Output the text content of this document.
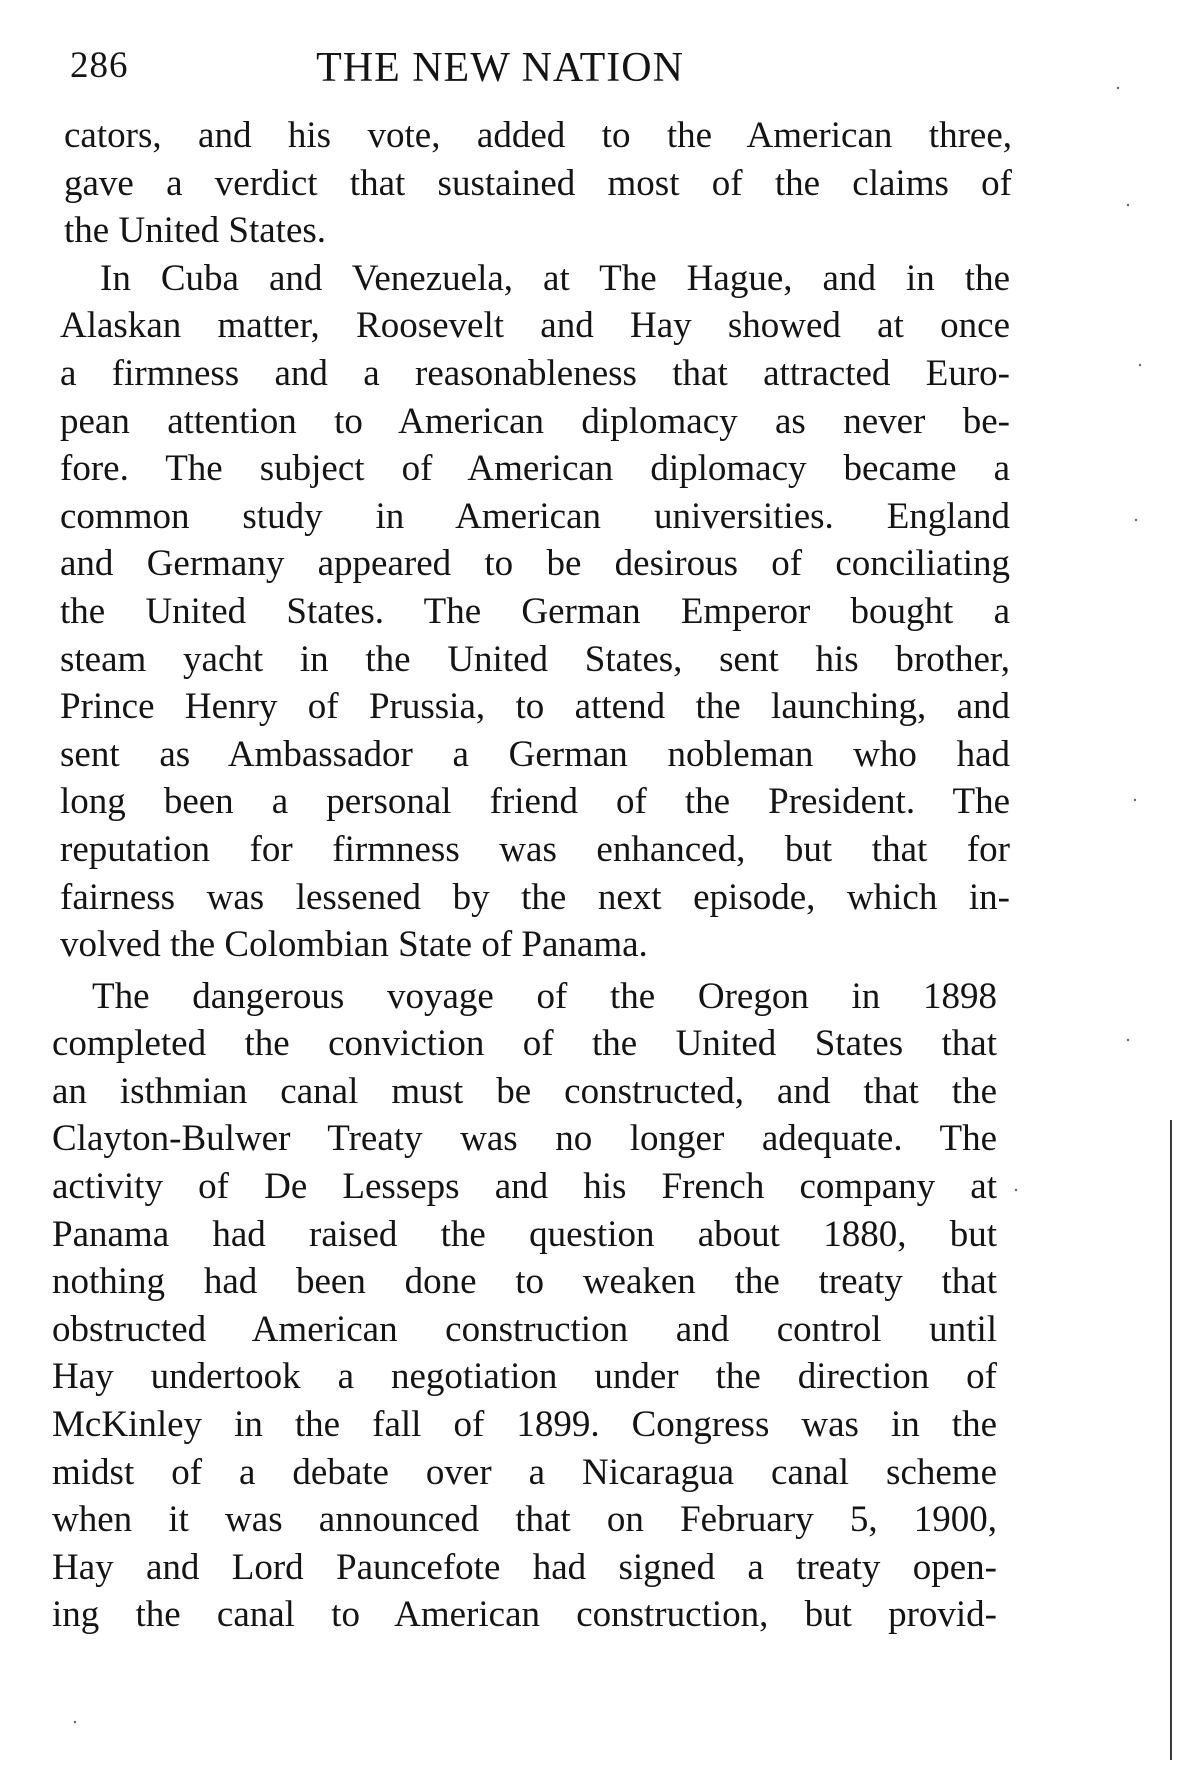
286	THE NEW NATION
cators, and his vote, added to the American three,
gave a verdict that sustained most of the claims of
the United States.
In Cuba and Venezuela, at The Hague, and in the
Alaskan matter, Roosevelt and Hay showed at once
a firmness and a reasonableness that attracted Euro-
pean attention to American diplomacy as never be-
fore. The subject of American diplomacy became a
common study in American universities. England
and Germany appeared to be desirous of conciliating
the United States. The German Emperor bought a
steam yacht in the United States, sent his brother,
Prince Henry of Prussia, to attend the launching, and
sent as Ambassador a German nobleman who had
long been a personal friend of the President. The
reputation for firmness was enhanced, but that for
fairness was lessened by the next episode, which in-
volved the Colombian State of Panama.
The dangerous voyage of the Oregon in 1898
completed the conviction of the United States that
an isthmian canal must be constructed, and that the
Clayton-Bulwer Treaty was no longer adequate. The
activity of De Lesseps and his French company at
Panama had raised the question about 1880, but
nothing had been done to weaken the treaty that
obstructed American construction and control until
Hay undertook a negotiation under the direction of
McKinley in the fall of 1899. Congress was in the
midst of a debate over a Nicaragua canal scheme
when it was announced that on February 5, 1900,
Hay and Lord Pauncefote had signed a treaty open-
ing the canal to American construction, but provid-
